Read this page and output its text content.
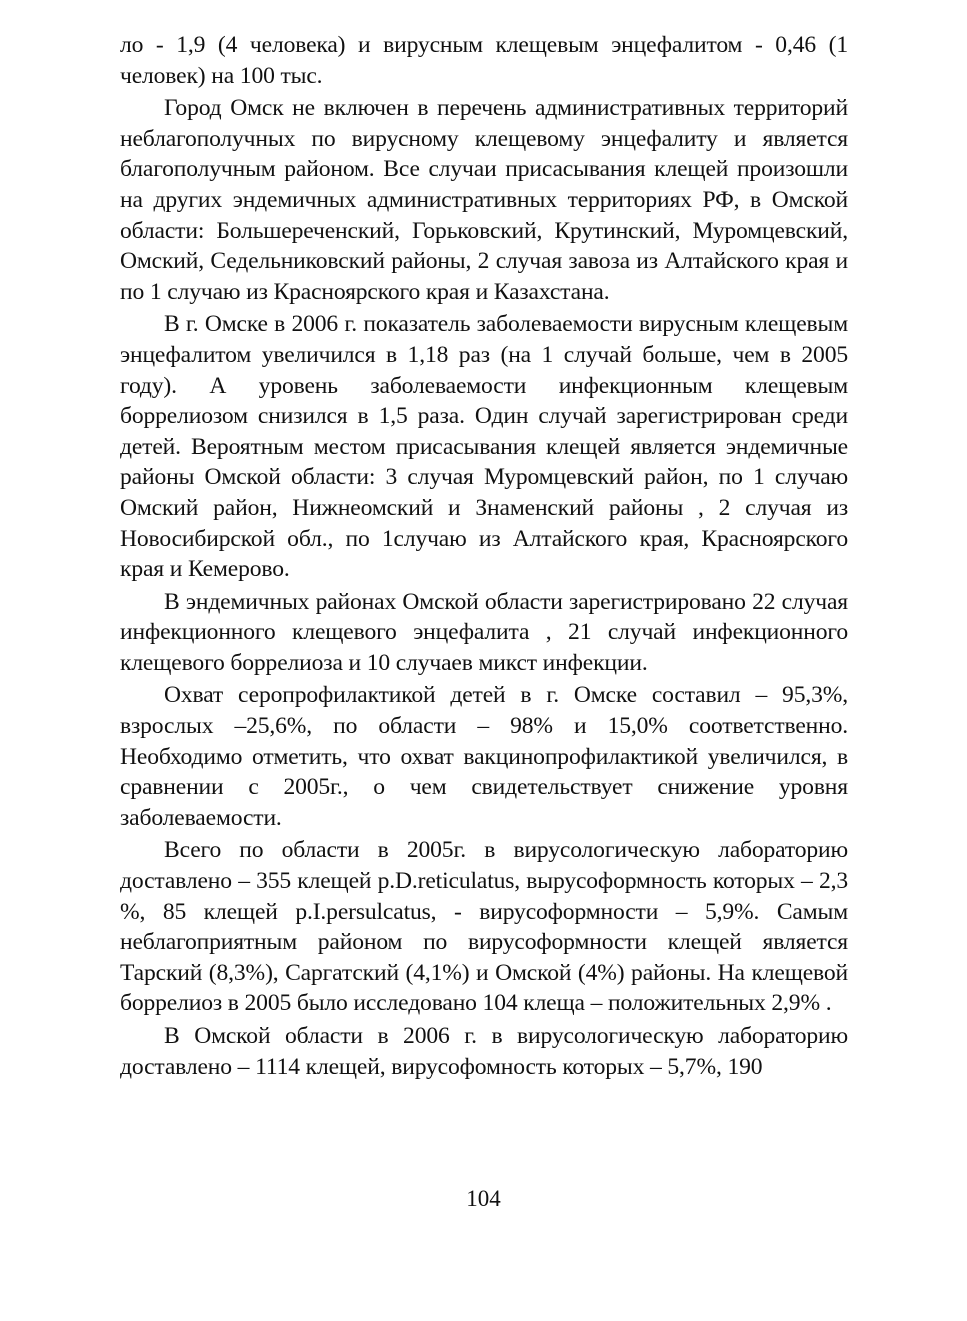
ло - 1,9 (4 человека) и вирусным клещевым энцефалитом - 0,46 (1 человек) на 100 тыс.

Город Омск не включен в перечень административных территорий неблагополучных по вирусному клещевому энцефалиту и является благополучным районом. Все случаи присасывания клещей произошли на других эндемичных административных территориях РФ, в Омской области: Большереченский, Горьковский, Крутинский, Муромцевский, Омский, Седельниковский районы, 2 случая завоза из Алтайского края и по 1 случаю из Красноярского края и Казахстана.

В г. Омске в 2006 г. показатель заболеваемости вирусным клещевым энцефалитом увеличился в 1,18 раз (на 1 случай больше, чем в 2005 году). А уровень заболеваемости инфекционным клещевым боррелиозом снизился в 1,5 раза. Один случай зарегистрирован среди детей. Вероятным местом присасывания клещей является эндемичные районы Омской области: 3 случая Муромцевский район, по 1 случаю Омский район, Нижнеомский и Знаменский районы , 2 случая из Новосибирской обл., по 1случаю из Алтайского края, Красноярского края и Кемерово.

В эндемичных районах Омской области зарегистрировано 22 случая инфекционного клещевого энцефалита , 21 случай инфекционного клещевого боррелиоза и 10 случаев микст инфекции.

Охват серопрофилактикой детей в г. Омске составил – 95,3%, взрослых –25,6%, по области – 98% и 15,0% соответственно. Необходимо отметить, что охват вакцинопрофилактикой увеличился, в сравнении с 2005г., о чем свидетельствует снижение уровня заболеваемости.

Всего по области в 2005г. в вирусологическую лабораторию доставлено – 355 клещей p.D.reticulatus, вырусоформность которых – 2,3 %, 85 клещей p.I.persulcatus, - вирусоформности – 5,9%. Самым неблагоприятным районом по вирусоформности клещей является Тарский (8,3%), Саргатский (4,1%) и Омской (4%) районы. На клещевой боррелиоз в 2005 было исследовано 104 клеща – положительных 2,9% .

В Омской области в 2006 г. в вирусологическую лабораторию доставлено – 1114 клещей, вирусофомность которых – 5,7%, 190

104
